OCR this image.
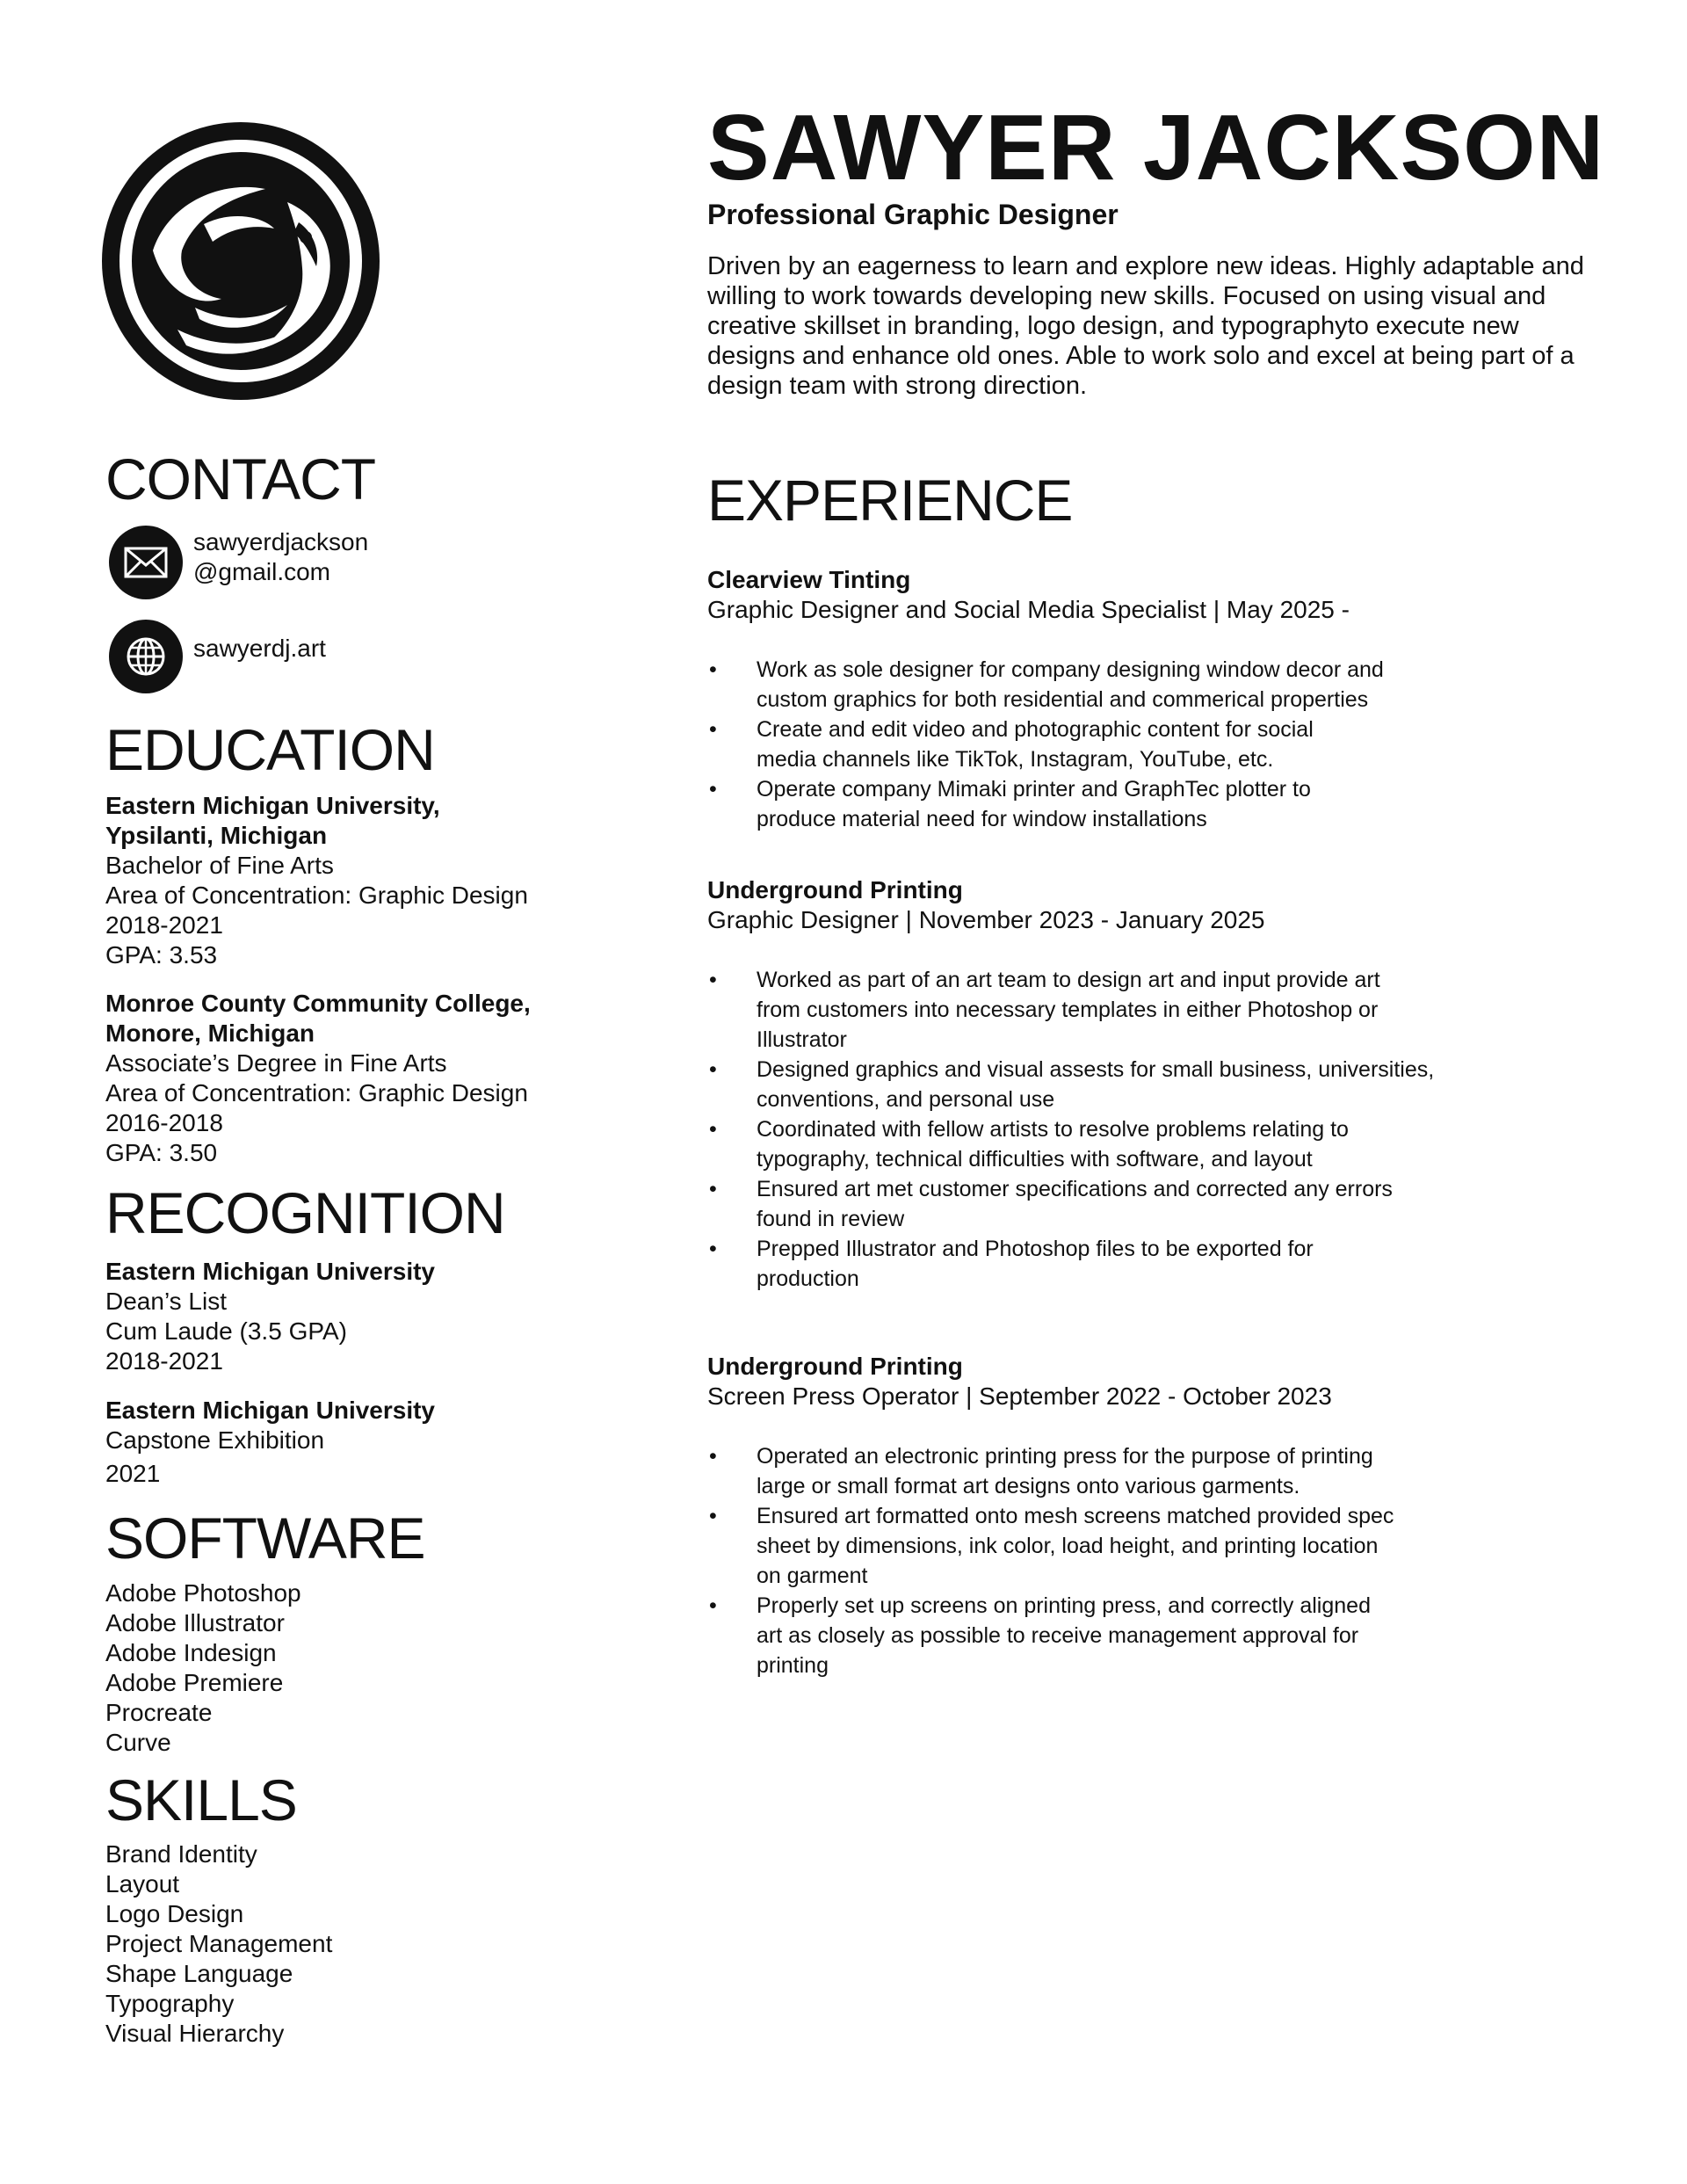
SAWYER JACKSON
Professional Graphic Designer
Driven by an eagerness to learn and explore new ideas. Highly adaptable and willing to work towards developing new skills. Focused on using visual and creative skillset in branding, logo design, and typographyto execute new designs and enhance old ones. Able to work solo and excel at being part of a design team with strong direction.
CONTACT
sawyerdjackson
@gmail.com
sawyerdj.art
EDUCATION
Eastern Michigan University,
Ypsilanti, Michigan
Bachelor of Fine Arts
Area of Concentration: Graphic Design
2018-2021
GPA: 3.53
Monroe County Community College,
Monore, Michigan
Associate’s Degree in Fine Arts
Area of Concentration: Graphic Design
2016-2018
GPA: 3.50
RECOGNITION
Eastern Michigan University
Dean’s List
Cum Laude (3.5 GPA)
2018-2021
Eastern Michigan University
Capstone Exhibition
2021
SOFTWARE
Adobe Photoshop
Adobe Illustrator
Adobe Indesign
Adobe Premiere
Procreate
Curve
SKILLS
Brand Identity
Layout
Logo Design
Project Management
Shape Language
Typography
Visual Hierarchy
EXPERIENCE
Clearview Tinting
Graphic Designer and Social Media Specialist | May 2025 -
• Work as sole designer for company designing window decor and
custom graphics for both residential and commerical properties
• Create and edit video and photographic content for social
media channels like TikTok, Instagram, YouTube, etc.
• Operate company Mimaki printer and GraphTec plotter to
produce material need for window installations
Underground Printing
Graphic Designer | November 2023 - January 2025
• Worked as part of an art team to design art and input provide art
from customers into necessary templates in either Photoshop or
Illustrator
• Designed graphics and visual assests for small business, universities,
conventions, and personal use
• Coordinated with fellow artists to resolve problems relating to
typography, technical difficulties with software, and layout
• Ensured art met customer specifications and corrected any errors
found in review
• Prepped Illustrator and Photoshop files to be exported for
production
Underground Printing
Screen Press Operator | September 2022 - October 2023
• Operated an electronic printing press for the purpose of printing
large or small format art designs onto various garments.
• Ensured art formatted onto mesh screens matched provided spec
sheet by dimensions, ink color, load height, and printing location
on garment
• Properly set up screens on printing press, and correctly aligned
art as closely as possible to receive management approval for
printing
